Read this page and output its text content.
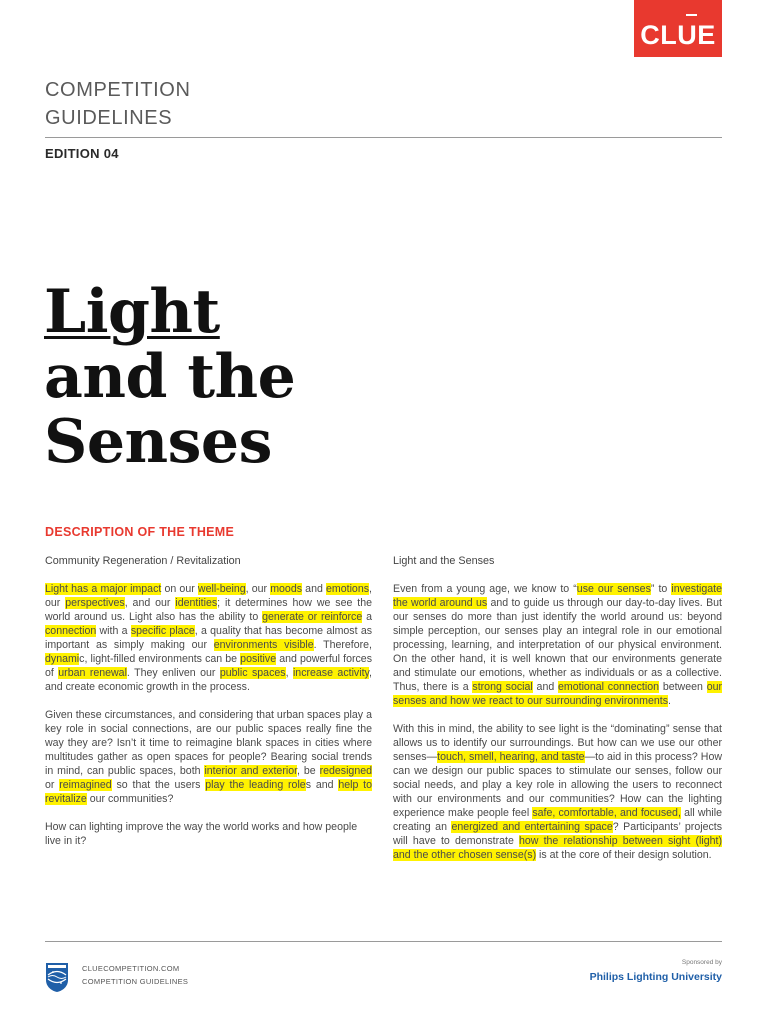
CLUE
COMPETITION
GUIDELINES
EDITION 04
Light
and the
Senses
DESCRIPTION OF THE THEME
Community Regeneration / Revitalization

Light has a major impact on our well-being, our moods and emotions, our perspectives, and our identities; it determines how we see the world around us. Light also has the ability to generate or reinforce a connection with a specific place, a quality that has become almost as important as simply making our environments visible. Therefore, dynamic, light-filled environments can be positive and powerful forces of urban renewal. They enliven our public spaces, increase activity, and create economic growth in the process.

Given these circumstances, and considering that urban spaces play a key role in social connections, are our public spaces really fine the way they are? Isn’t it time to reimagine blank spaces in cities where multitudes gather as open spaces for people? Bearing social trends in mind, can public spaces, both interior and exterior, be redesigned or reimagined so that the users play the leading roles and help to revitalize our communities?

How can lighting improve the way the world works and how people live in it?

Light and the Senses

Even from a young age, we know to “use our senses” to investigate the world around us and to guide us through our day-to-day lives. But our senses do more than just identify the world around us: beyond simple perception, our senses play an integral role in our emotional processing, learning, and interpretation of our physical environment. On the other hand, it is well known that our environments generate and stimulate our emotions, whether as individuals or as a collective. Thus, there is a strong social and emotional connection between our senses and how we react to our surrounding environments.

With this in mind, the ability to see light is the “dominating” sense that allows us to identify our surroundings. But how can we use our other senses—touch, smell, hearing, and taste—to aid in this process? How can we design our public spaces to stimulate our senses, follow our social needs, and play a key role in allowing the users to reconnect with our environments and our communities? How can the lighting experience make people feel safe, comfortable, and focused, all while creating an energized and entertaining space? Participants’ projects will have to demonstrate how the relationship between sight (light) and the other chosen sense(s) is at the core of their design solution.

CLUECOMPETITION.COM
COMPETITION GUIDELINES
Sponsored by
Philips Lighting University
